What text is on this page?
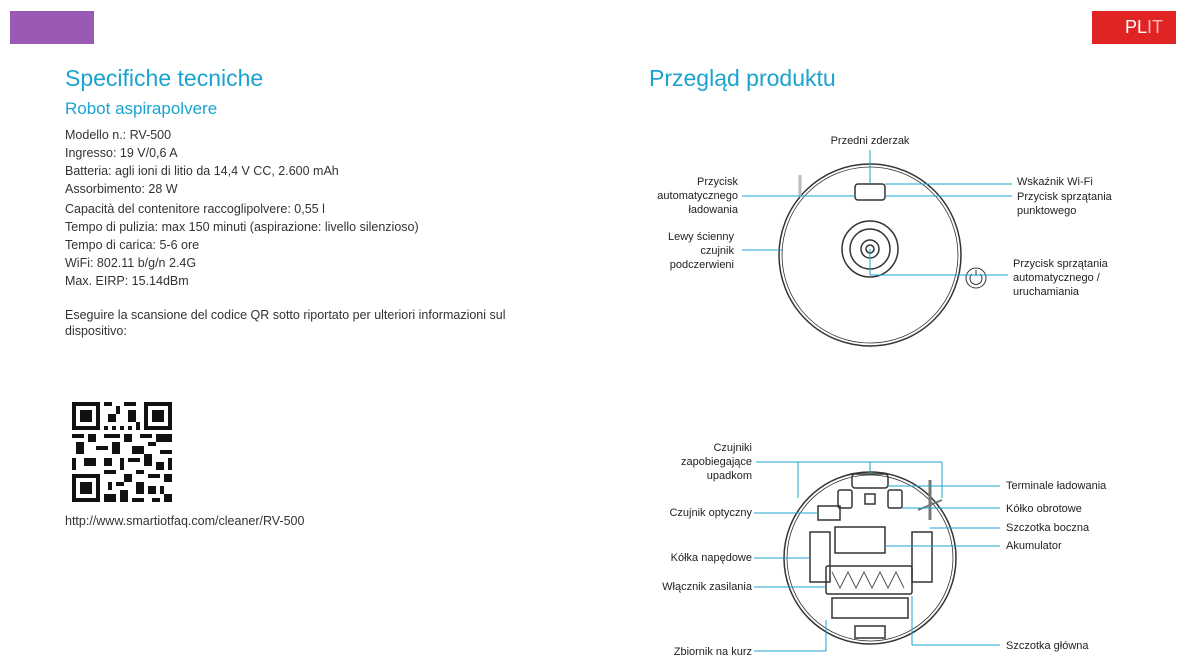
PLIT
Specifiche tecniche
Robot aspirapolvere
Modello n.: RV-500
Ingresso: 19 V/0,6 A
Batteria: agli ioni di litio da 14,4 V CC, 2.600 mAh
Assorbimento: 28 W
Capacità del contenitore raccoglipolvere: 0,55 l
Tempo di pulizia: max 150 minuti (aspirazione: livello silenzioso)
Tempo di carica: 5-6 ore
WiFi: 802.11 b/g/n 2.4G
Max. EIRP: 15.14dBm
Eseguire la scansione del codice QR sotto riportato per ulteriori informazioni sul dispositivo:
http://www.smartiotfaq.com/cleaner/RV-500
Przegląd produktu
Przedni zderzak
Przycisk automatycznego ładowania
Lewy ścienny czujnik podczerwieni
Wskaźnik Wi-Fi
Przycisk sprzątania punktowego
Przycisk sprzątania automatycznego / uruchamiania
Czujniki zapobiegające upadkom
Czujnik optyczny
Kółka napędowe
Włącznik zasilania
Zbiornik na kurz
Terminale ładowania
Kółko obrotowe
Szczotka boczna
Akumulator
Szczotka główna
